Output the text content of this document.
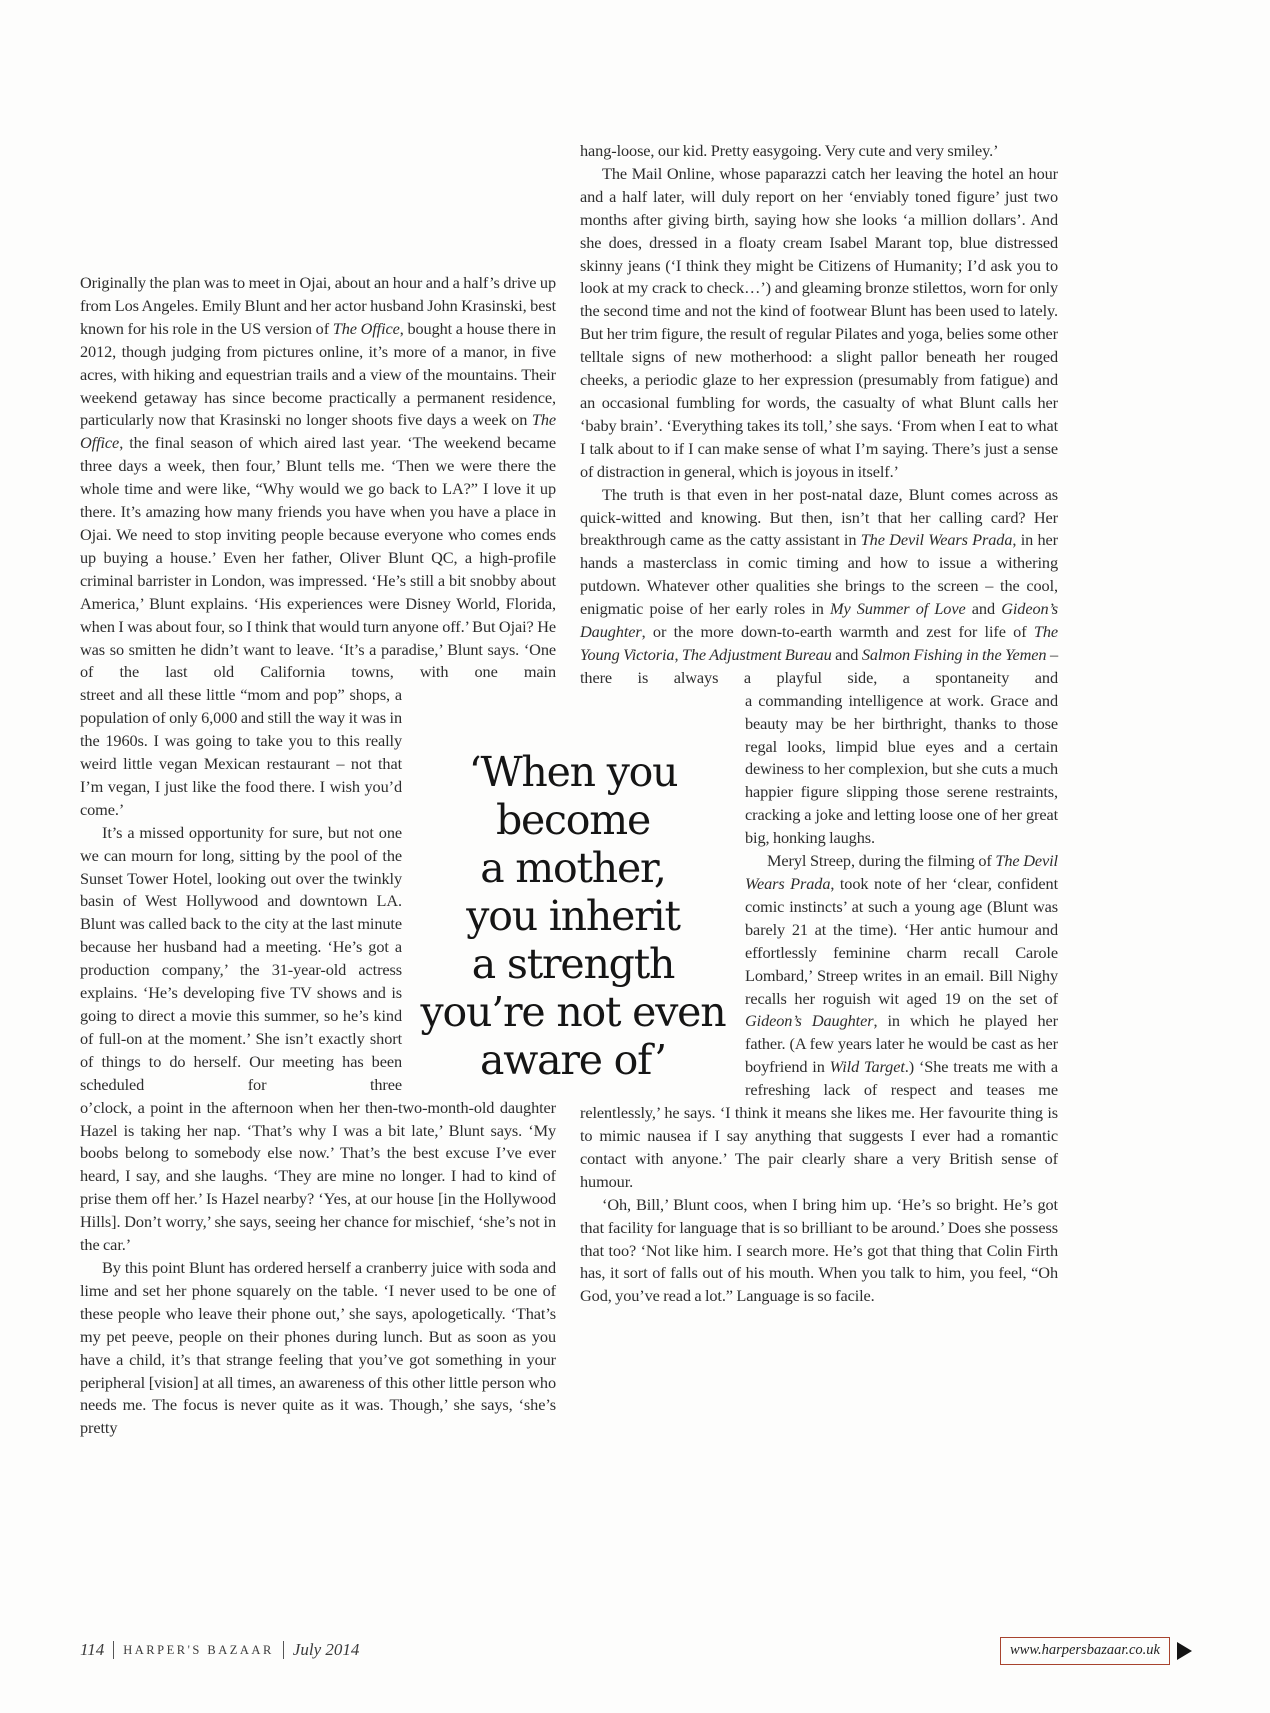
Originally the plan was to meet in Ojai, about an hour and a half’s drive up from Los Angeles. Emily Blunt and her actor husband John Krasinski, best known for his role in the US version of The Office, bought a house there in 2012, though judging from pictures online, it’s more of a manor, in five acres, with hiking and equestrian trails and a view of the mountains. Their weekend getaway has since become practically a permanent residence, particularly now that Krasinski no longer shoots five days a week on The Office, the final season of which aired last year. ‘The weekend became three days a week, then four,’ Blunt tells me. ‘Then we were there the whole time and were like, “Why would we go back to LA?” I love it up there. It’s amazing how many friends you have when you have a place in Ojai. We need to stop inviting people because everyone who comes ends up buying a house.’ Even her father, Oliver Blunt QC, a high-profile criminal barrister in London, was impressed. ‘He’s still a bit snobby about America,’ Blunt explains. ‘His experiences were Disney World, Florida, when I was about four, so I think that would turn anyone off.’ But Ojai? He was so smitten he didn’t want to leave. ‘It’s a paradise,’ Blunt says. ‘One of the last old California towns, with one main
street and all these little “mom and pop” shops, a population of only 6,000 and still the way it was in the 1960s. I was going to take you to this really weird little vegan Mexican restaurant – not that I’m vegan, I just like the food there. I wish you’d come.’
It’s a missed opportunity for sure, but not one we can mourn for long, sitting by the pool of the Sunset Tower Hotel, looking out over the twinkly basin of West Hollywood and downtown LA. Blunt was called back to the city at the last minute because her husband had a meeting. ‘He’s got a production company,’ the 31-year-old actress explains. ‘He’s developing five TV shows and is going to direct a movie this summer, so he’s kind of full-on at the moment.’ She isn’t exactly short of things to do herself. Our meeting has been scheduled for three
o’clock, a point in the afternoon when her then-two-month-old daughter Hazel is taking her nap. ‘That’s why I was a bit late,’ Blunt says. ‘My boobs belong to somebody else now.’ That’s the best excuse I’ve ever heard, I say, and she laughs. ‘They are mine no longer. I had to kind of prise them off her.’ Is Hazel nearby? ‘Yes, at our house [in the Hollywood Hills]. Don’t worry,’ she says, seeing her chance for mischief, ‘she’s not in the car.’
By this point Blunt has ordered herself a cranberry juice with soda and lime and set her phone squarely on the table. ‘I never used to be one of these people who leave their phone out,’ she says, apologetically. ‘That’s my pet peeve, people on their phones during lunch. But as soon as you have a child, it’s that strange feeling that you’ve got something in your peripheral [vision] at all times, an awareness of this other little person who needs me. The focus is never quite as it was. Though,’ she says, ‘she’s pretty
‘When you
become
a mother,
you inherit
a strength
you’re not even
aware of’
hang-loose, our kid. Pretty easygoing. Very cute and very smiley.’
The Mail Online, whose paparazzi catch her leaving the hotel an hour and a half later, will duly report on her ‘enviably toned figure’ just two months after giving birth, saying how she looks ‘a million dollars’. And she does, dressed in a floaty cream Isabel Marant top, blue distressed skinny jeans (‘I think they might be Citizens of Humanity; I’d ask you to look at my crack to check…’) and gleaming bronze stilettos, worn for only the second time and not the kind of footwear Blunt has been used to lately. But her trim figure, the result of regular Pilates and yoga, belies some other telltale signs of new motherhood: a slight pallor beneath her rouged cheeks, a periodic glaze to her expression (presumably from fatigue) and an occasional fumbling for words, the casualty of what Blunt calls her ‘baby brain’. ‘Everything takes its toll,’ she says. ‘From when I eat to what I talk about to if I can make sense of what I’m saying. There’s just a sense of distraction in general, which is joyous in itself.’
The truth is that even in her post-natal daze, Blunt comes across as quick-witted and knowing. But then, isn’t that her calling card? Her breakthrough came as the catty assistant in The Devil Wears Prada, in her hands a masterclass in comic timing and how to issue a withering putdown. Whatever other qualities she brings to the screen – the cool, enigmatic poise of her early roles in My Summer of Love and Gideon’s Daughter, or the more down-to-earth warmth and zest for life of The Young Victoria, The Adjustment Bureau and Salmon Fishing in the Yemen – there is always a playful side, a spontaneity and
a commanding intelligence at work. Grace and beauty may be her birthright, thanks to those regal looks, limpid blue eyes and a certain dewiness to her complexion, but she cuts a much happier figure slipping those serene restraints, cracking a joke and letting loose one of her great big, honking laughs.
Meryl Streep, during the filming of The Devil Wears Prada, took note of her ‘clear, confident comic instincts’ at such a young age (Blunt was barely 21 at the time). ‘Her antic humour and effortlessly feminine charm recall Carole Lombard,’ Streep writes in an email. Bill Nighy recalls her roguish wit aged 19 on the set of Gideon’s Daughter, in which he played her father. (A few years later he would be cast as her boyfriend in Wild Target.) ‘She treats me with a refreshing lack of respect and teases me
relentlessly,’ he says. ‘I think it means she likes me. Her favourite thing is to mimic nausea if I say anything that suggests I ever had a romantic contact with anyone.’ The pair clearly share a very British sense of humour.
‘Oh, Bill,’ Blunt coos, when I bring him up. ‘He’s so bright. He’s got that facility for language that is so brilliant to be around.’ Does she possess that too? ‘Not like him. I search more. He’s got that thing that Colin Firth has, it sort of falls out of his mouth. When you talk to him, you feel, “Oh God, you’ve read a lot.” Language is so facile.
114 HARPER'S BAZAAR July 2014	www.harpersbazaar.co.uk
